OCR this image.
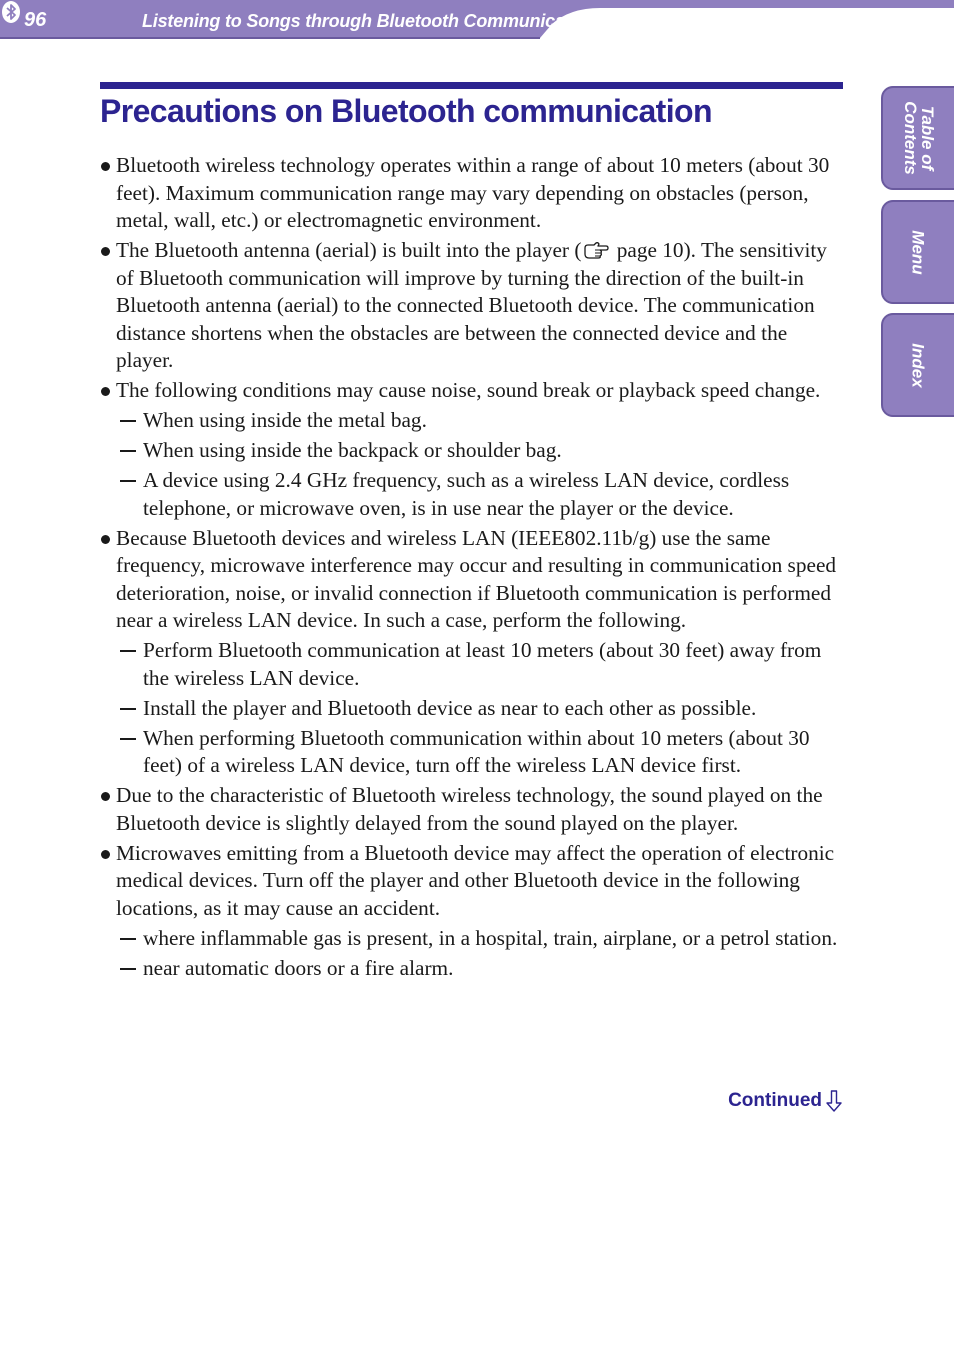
96	Listening to Songs through Bluetooth Communication
Table of
Contents
Menu
Index
Precautions on Bluetooth communication

Bluetooth wireless technology operates within a range of about 10 meters (about 30 feet). Maximum communication range may vary depending on obstacles (person, metal, wall, etc.) or electromagnetic environment.

The Bluetooth antenna (aerial) is built into the player ( page 10). The sensitivity of Bluetooth communication will improve by turning the direction of the built-in Bluetooth antenna (aerial) to the connected Bluetooth device. The communication distance shortens when the obstacles are between the connected device and the player.

The following conditions may cause noise, sound break or playback speed change.

When using inside the metal bag.

When using inside the backpack or shoulder bag.

A device using 2.4 GHz frequency, such as a wireless LAN device, cordless telephone, or microwave oven, is in use near the player or the device.

Because Bluetooth devices and wireless LAN (IEEE802.11b/g) use the same frequency, microwave interference may occur and resulting in communication speed deterioration, noise, or invalid connection if Bluetooth communication is performed near a wireless LAN device. In such a case, perform the following.

Perform Bluetooth communication at least 10 meters (about 30 feet) away from the wireless LAN device.

Install the player and Bluetooth device as near to each other as possible.

When performing Bluetooth communication within about 10 meters (about 30 feet) of a wireless LAN device, turn off the wireless LAN device first.

Due to the characteristic of Bluetooth wireless technology, the sound played on the Bluetooth device is slightly delayed from the sound played on the player.

Microwaves emitting from a Bluetooth device may affect the operation of electronic medical devices. Turn off the player and other Bluetooth device in the following locations, as it may cause an accident.

where inflammable gas is present, in a hospital, train, airplane, or a petrol station.

near automatic doors or a fire alarm.

Continued
